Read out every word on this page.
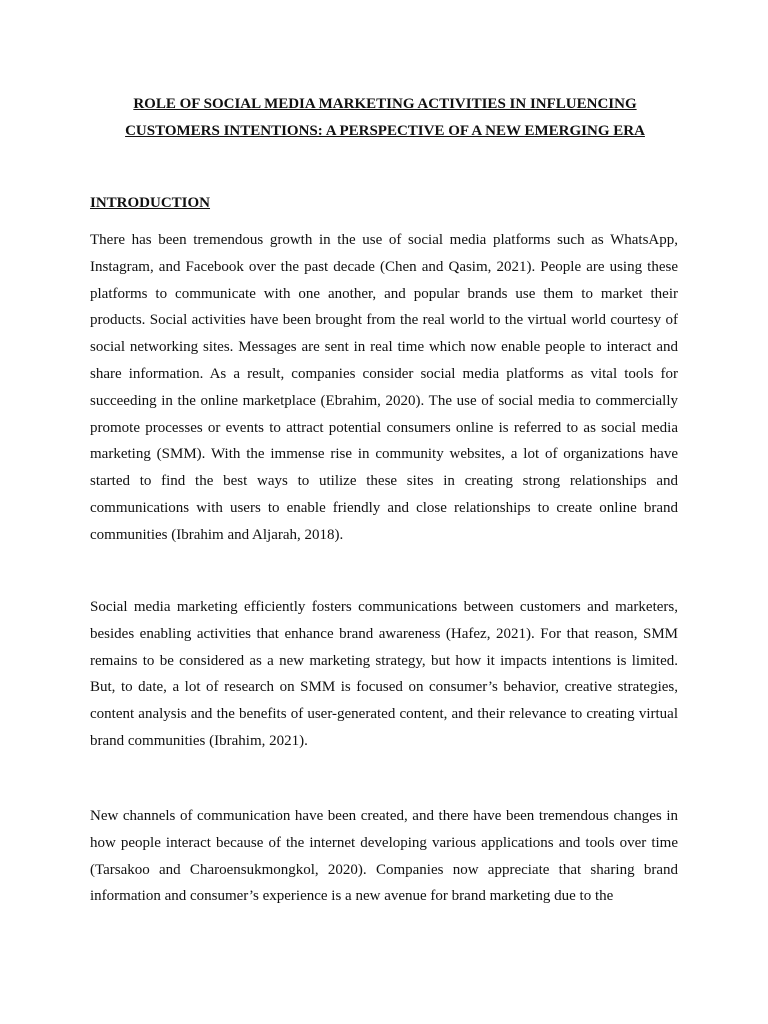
ROLE OF SOCIAL MEDIA MARKETING ACTIVITIES IN INFLUENCING CUSTOMERS INTENTIONS: A PERSPECTIVE OF A NEW EMERGING ERA
INTRODUCTION

There has been tremendous growth in the use of social media platforms such as WhatsApp, Instagram, and Facebook over the past decade (Chen and Qasim, 2021). People are using these platforms to communicate with one another, and popular brands use them to market their products. Social activities have been brought from the real world to the virtual world courtesy of social networking sites. Messages are sent in real time which now enable people to interact and share information. As a result, companies consider social media platforms as vital tools for succeeding in the online marketplace (Ebrahim, 2020). The use of social media to commercially promote processes or events to attract potential consumers online is referred to as social media marketing (SMM). With the immense rise in community websites, a lot of organizations have started to find the best ways to utilize these sites in creating strong relationships and communications with users to enable friendly and close relationships to create online brand communities (Ibrahim and Aljarah, 2018).

Social media marketing efficiently fosters communications between customers and marketers, besides enabling activities that enhance brand awareness (Hafez, 2021). For that reason, SMM remains to be considered as a new marketing strategy, but how it impacts intentions is limited. But, to date, a lot of research on SMM is focused on consumer’s behavior, creative strategies, content analysis and the benefits of user-generated content, and their relevance to creating virtual brand communities (Ibrahim, 2021).

New channels of communication have been created, and there have been tremendous changes in how people interact because of the internet developing various applications and tools over time (Tarsakoo and Charoensukmongkol, 2020). Companies now appreciate that sharing brand information and consumer’s experience is a new avenue for brand marketing due to the
